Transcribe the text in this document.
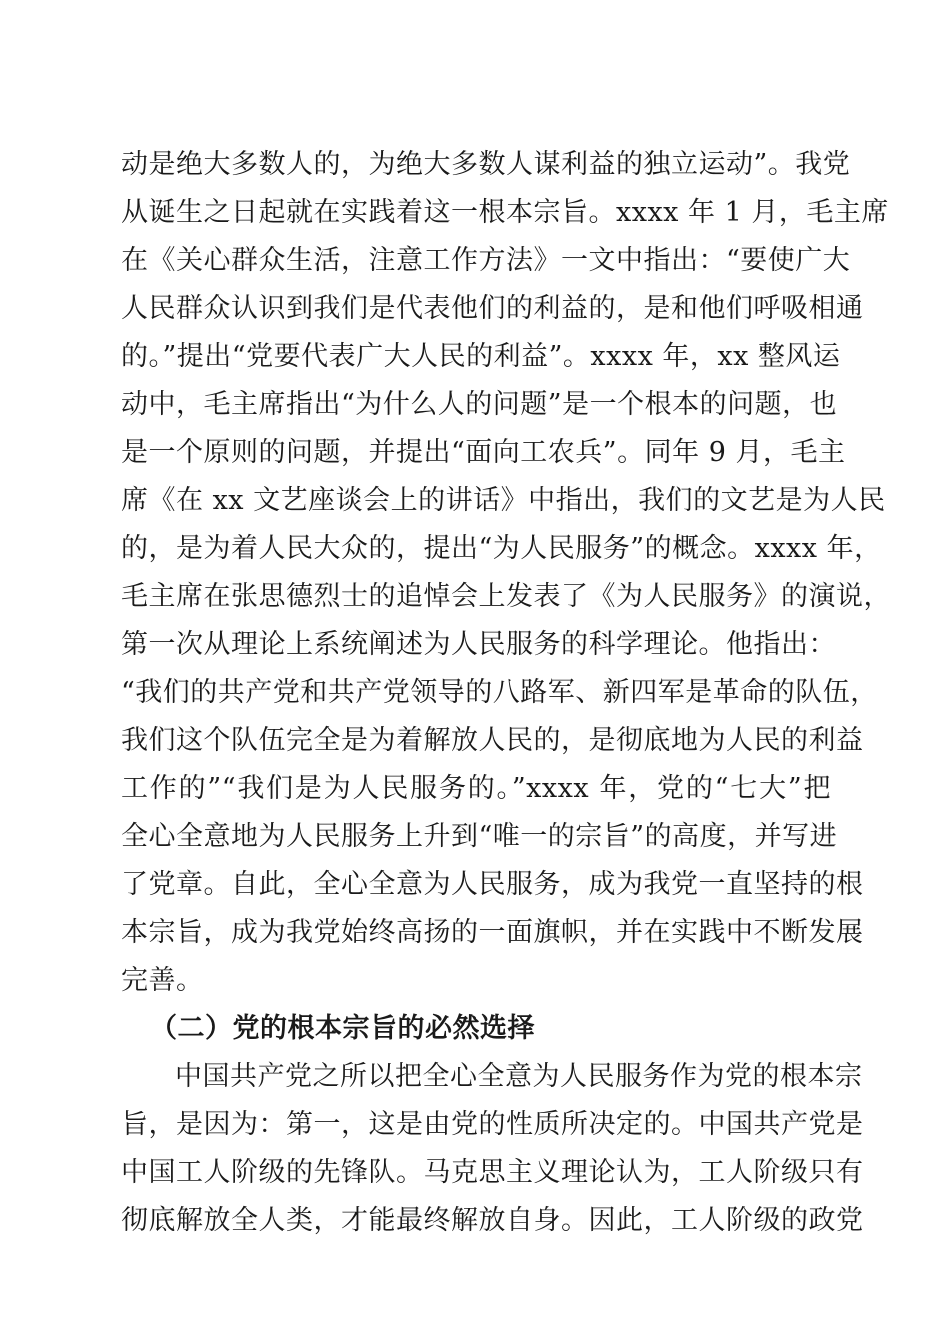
动是绝大多数人的，为绝大多数人谋利益的独立运动”。我党
从诞生之日起就在实践着这一根本宗旨。xxxx 年 1 月，毛主席
在《关心群众生活，注意工作方法》一文中指出：“要使广大
人民群众认识到我们是代表他们的利益的，是和他们呼吸相通
的。”提出“党要代表广大人民的利益”。xxxx 年，xx 整风运
动中，毛主席指出“为什么人的问题”是一个根本的问题，也
是一个原则的问题，并提出“面向工农兵”。同年 9 月，毛主
席《在 xx 文艺座谈会上的讲话》中指出，我们的文艺是为人民
的，是为着人民大众的，提出“为人民服务”的概念。xxxx 年，
毛主席在张思德烈士的追悼会上发表了《为人民服务》的演说，
第一次从理论上系统阐述为人民服务的科学理论。他指出：
“我们的共产党和共产党领导的八路军、新四军是革命的队伍，
我们这个队伍完全是为着解放人民的，是彻底地为人民的利益
工作的”“我们是为人民服务的。”xxxx 年，党的“七大”把
全心全意地为人民服务上升到“唯一的宗旨”的高度，并写进
了党章。自此，全心全意为人民服务，成为我党一直坚持的根
本宗旨，成为我党始终高扬的一面旗帜，并在实践中不断发展
完善。
（二）党的根本宗旨的必然选择
中国共产党之所以把全心全意为人民服务作为党的根本宗
旨，是因为：第一，这是由党的性质所决定的。中国共产党是
中国工人阶级的先锋队。马克思主义理论认为，工人阶级只有
彻底解放全人类，才能最终解放自身。因此，工人阶级的政党
